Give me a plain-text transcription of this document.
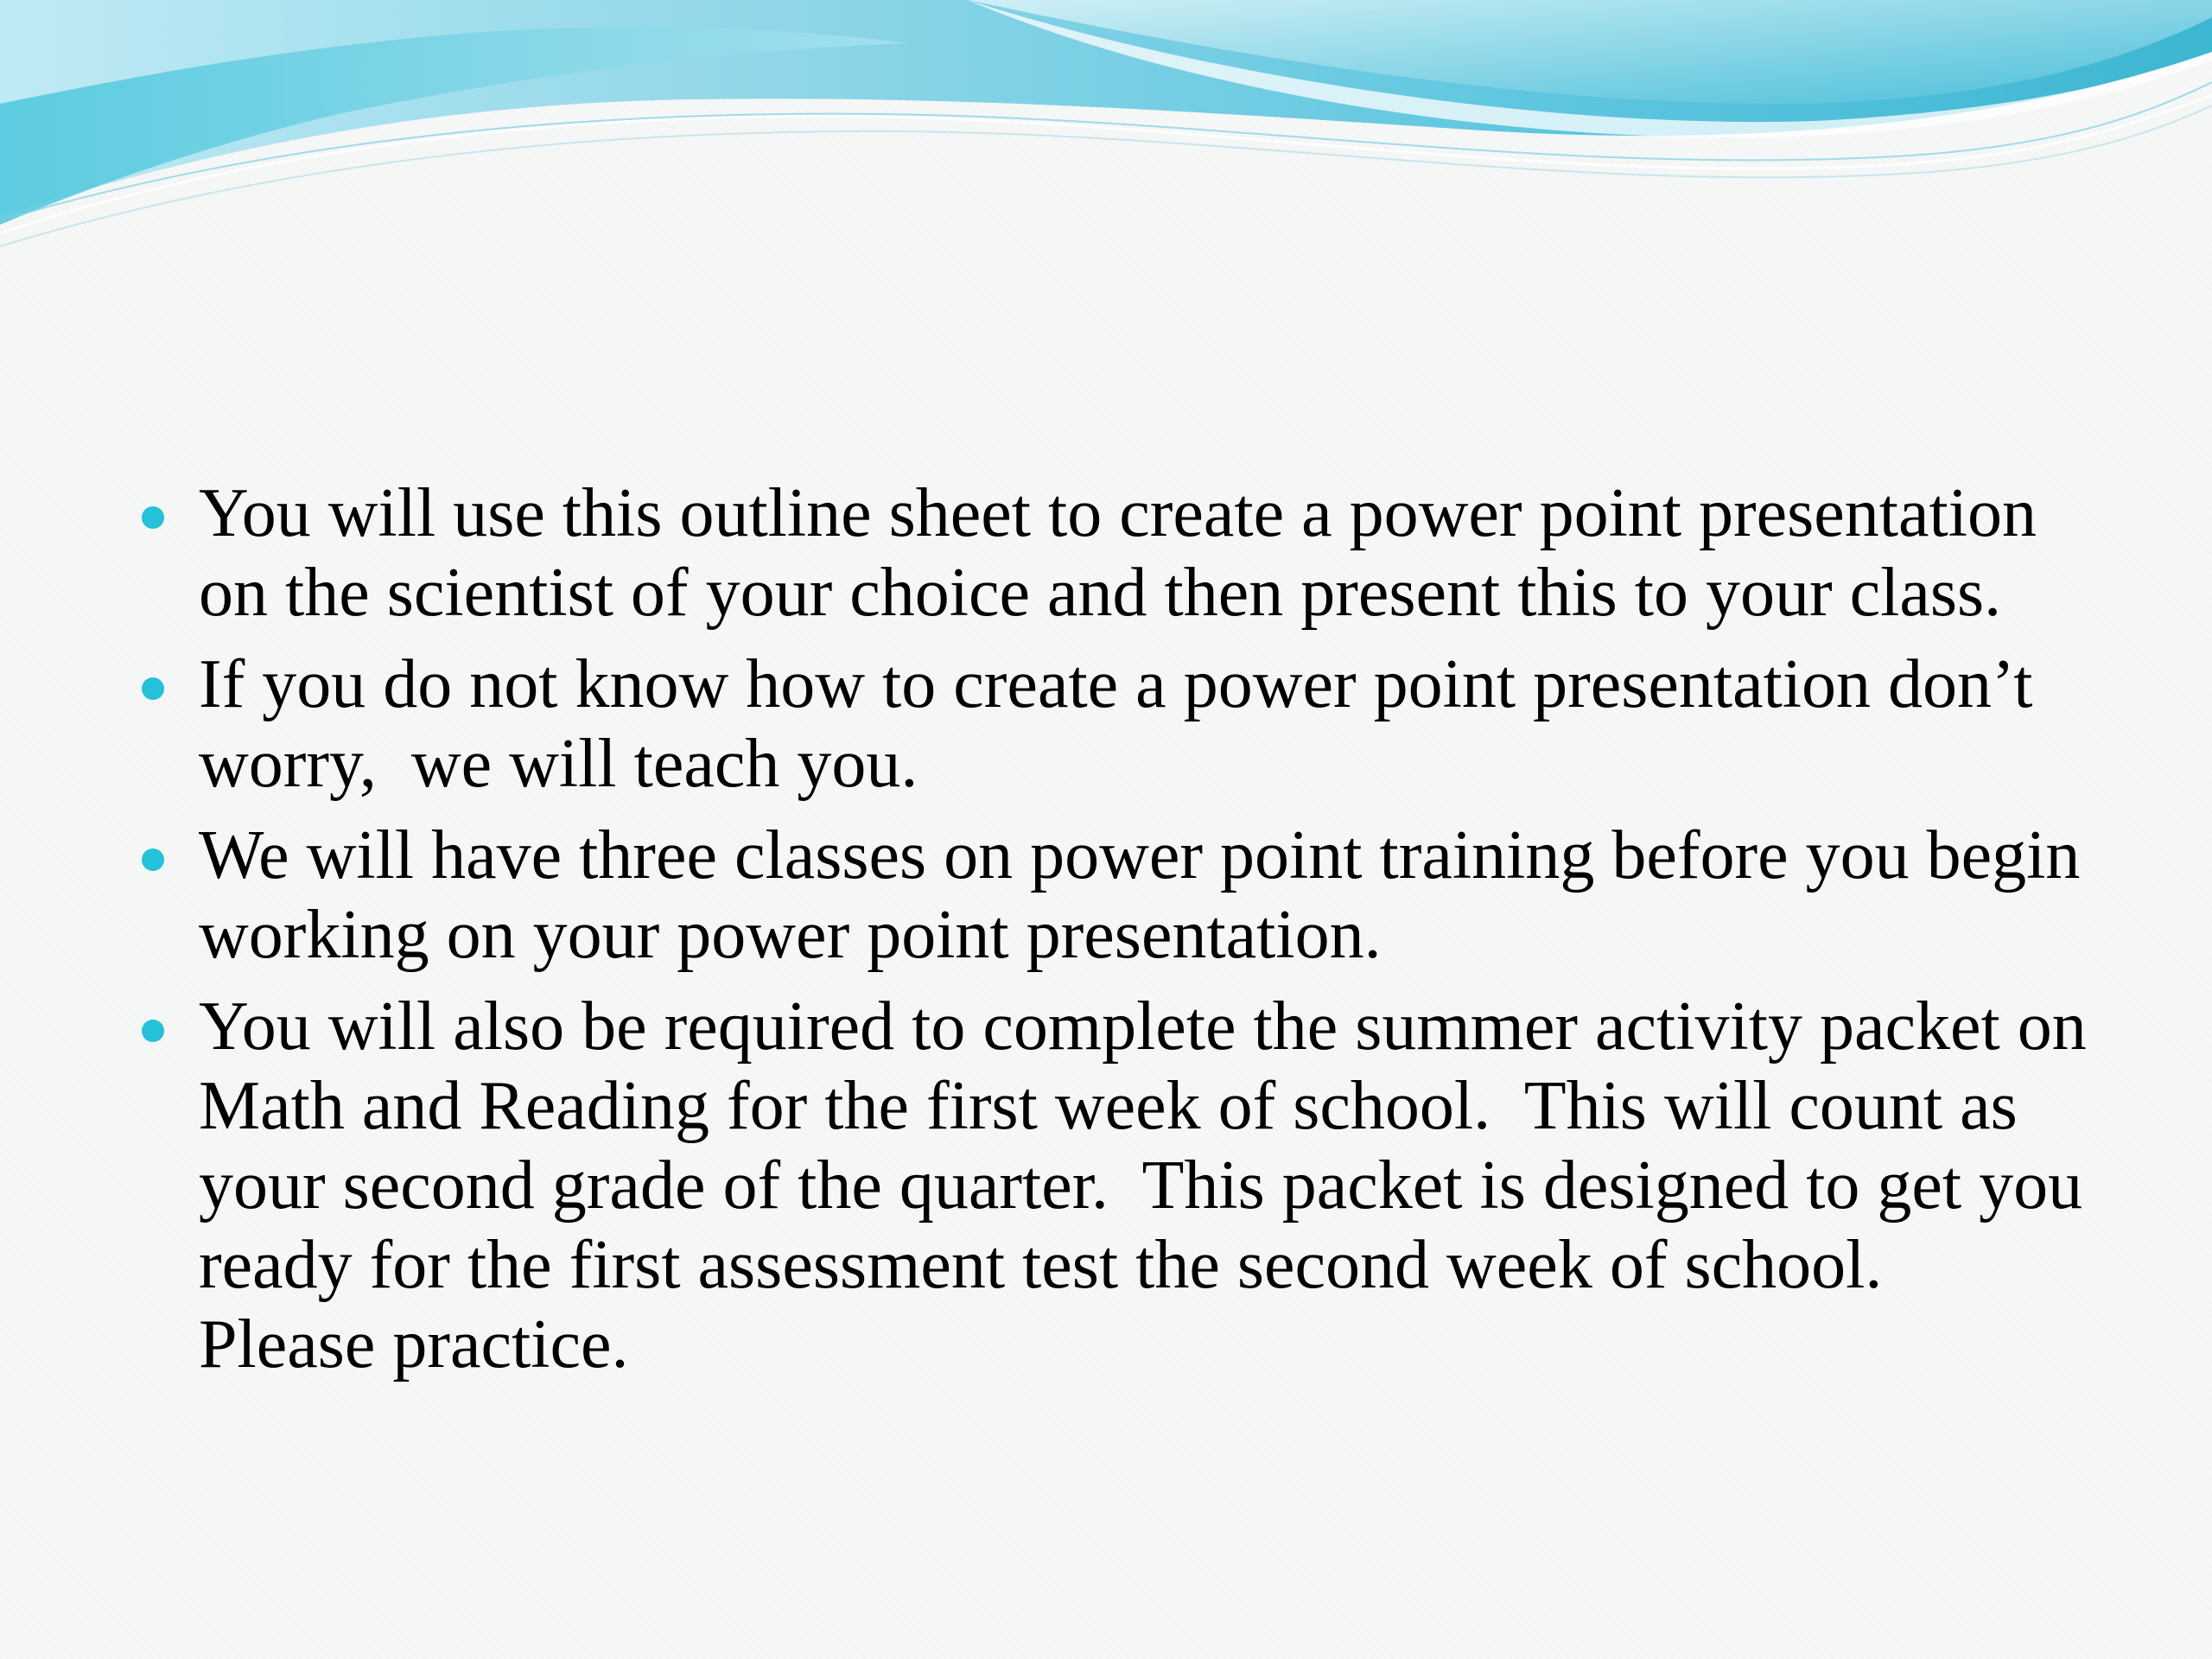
You will use this outline sheet to create a power point presentation on the scientist of your choice and then present this to your class.
If you do not know how to create a power point presentation don’t worry,  we will teach you.
We will have three classes on power point training before you begin working on your power point presentation.
You will also be required to complete the summer activity packet on Math and Reading for the first week of school.  This will count as your second grade of the quarter.  This packet is designed to get you ready for the first assessment test the second week of school.  Please practice.
